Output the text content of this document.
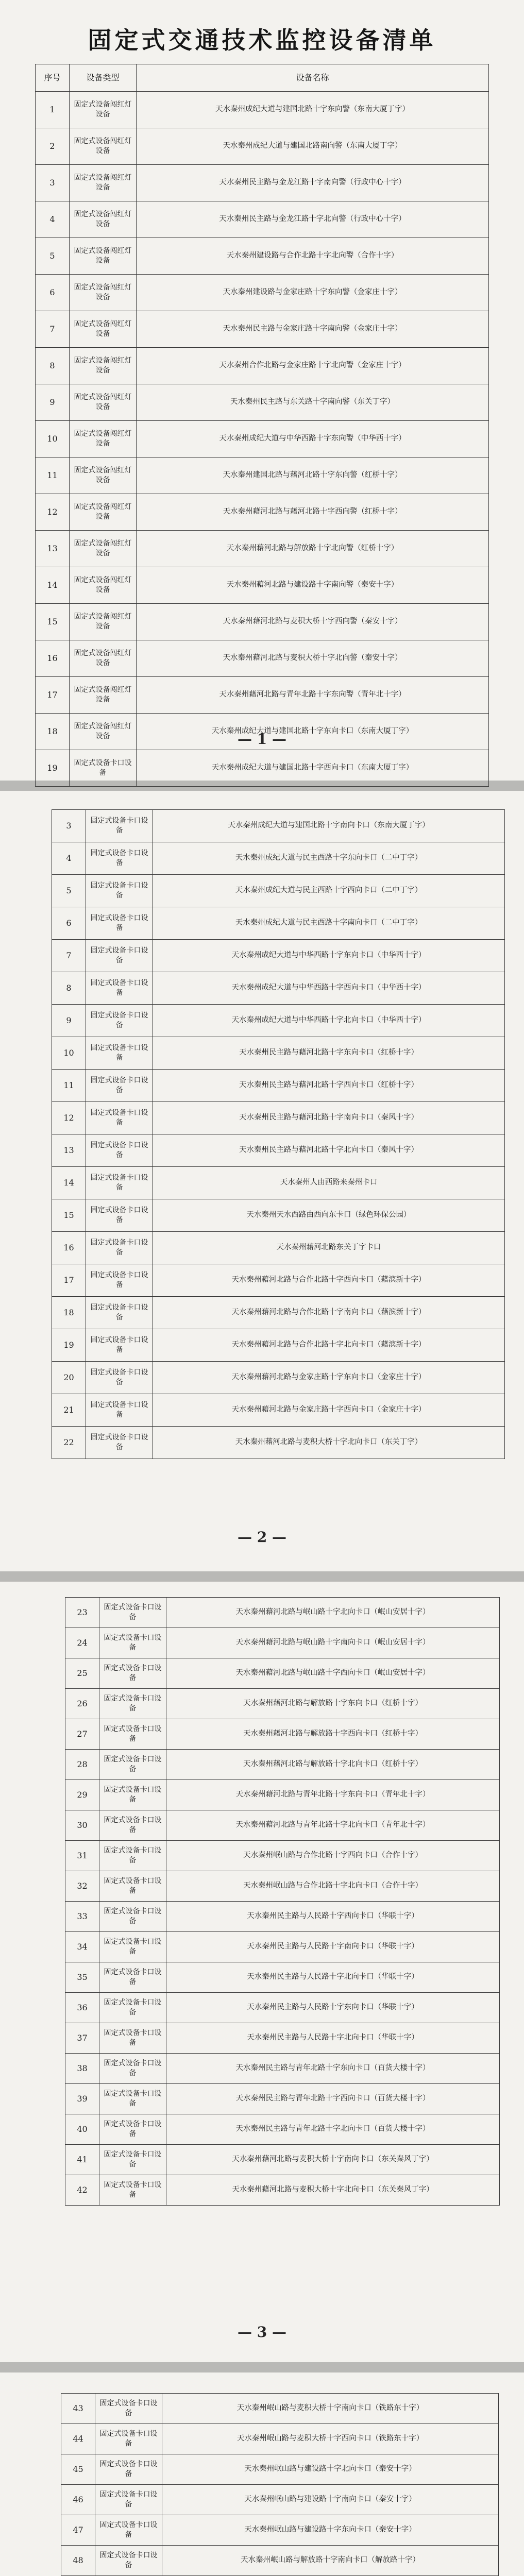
固定式交通技术监控设备清单
序号	设备类型	设备名称
1	固定式设备闯红灯设备	天水秦州成纪大道与建国北路十字东向警（东南大厦丁字）
2	固定式设备闯红灯设备	天水秦州成纪大道与建国北路南向警（东南大厦丁字）
3	固定式设备闯红灯设备	天水秦州民主路与金龙江路十字南向警（行政中心十字）
4	固定式设备闯红灯设备	天水秦州民主路与金龙江路十字北向警（行政中心十字）
5	固定式设备闯红灯设备	天水秦州建设路与合作北路十字北向警（合作十字）
6	固定式设备闯红灯设备	天水秦州建设路与金家庄路十字东向警（金家庄十字）
7	固定式设备闯红灯设备	天水秦州民主路与金家庄路十字南向警（金家庄十字）
8	固定式设备闯红灯设备	天水秦州合作北路与金家庄路十字北向警（金家庄十字）
9	固定式设备闯红灯设备	天水秦州民主路与东关路十字南向警（东关丁字）
10	固定式设备闯红灯设备	天水秦州成纪大道与中华西路十字东向警（中华西十字）
11	固定式设备闯红灯设备	天水秦州建国北路与藉河北路十字东向警（红桥十字）
12	固定式设备闯红灯设备	天水秦州藉河北路与藉河北路十字西向警（红桥十字）
13	固定式设备闯红灯设备	天水秦州藉河北路与解放路十字北向警（红桥十字）
14	固定式设备闯红灯设备	天水秦州藉河北路与建设路十字南向警（秦安十字）
15	固定式设备闯红灯设备	天水秦州藉河北路与麦积大桥十字西向警（秦安十字）
16	固定式设备闯红灯设备	天水秦州藉河北路与麦积大桥十字北向警（秦安十字）
17	固定式设备闯红灯设备	天水秦州藉河北路与青年北路十字东向警（青年北十字）
18	固定式设备闯红灯设备	天水秦州成纪大道与建国北路十字东向卡口（东南大厦丁字）
19	固定式设备卡口设备	天水秦州成纪大道与建国北路十字西向卡口（东南大厦丁字）
— 1 —
3	固定式设备卡口设备	天水秦州成纪大道与建国北路十字南向卡口（东南大厦丁字）
4	固定式设备卡口设备	天水秦州成纪大道与民主西路十字东向卡口（二中丁字）
5	固定式设备卡口设备	天水秦州成纪大道与民主西路十字西向卡口（二中丁字）
6	固定式设备卡口设备	天水秦州成纪大道与民主西路十字南向卡口（二中丁字）
7	固定式设备卡口设备	天水秦州成纪大道与中华西路十字东向卡口（中华西十字）
8	固定式设备卡口设备	天水秦州成纪大道与中华西路十字西向卡口（中华西十字）
9	固定式设备卡口设备	天水秦州成纪大道与中华西路十字北向卡口（中华西十字）
10	固定式设备卡口设备	天水秦州民主路与藉河北路十字东向卡口（红桥十字）
11	固定式设备卡口设备	天水秦州民主路与藉河北路十字西向卡口（红桥十字）
12	固定式设备卡口设备	天水秦州民主路与藉河北路十字南向卡口（秦风十字）
13	固定式设备卡口设备	天水秦州民主路与藉河北路十字北向卡口（秦风十字）
14	固定式设备卡口设备	天水秦州人由西路来秦州卡口
15	固定式设备卡口设备	天水秦州天水西路由西向东卡口（绿色环保公园）
16	固定式设备卡口设备	天水秦州藉河北路东关丁字卡口
17	固定式设备卡口设备	天水秦州藉河北路与合作北路十字西向卡口（藉滨新十字）
18	固定式设备卡口设备	天水秦州藉河北路与合作北路十字南向卡口（藉滨新十字）
19	固定式设备卡口设备	天水秦州藉河北路与合作北路十字北向卡口（藉滨新十字）
20	固定式设备卡口设备	天水秦州藉河北路与金家庄路十字东向卡口（金家庄十字）
21	固定式设备卡口设备	天水秦州藉河北路与金家庄路十字西向卡口（金家庄十字）
22	固定式设备卡口设备	天水秦州藉河北路与麦积大桥十字北向卡口（东关丁字）
— 2 —
23	固定式设备卡口设备	天水秦州藉河北路与岷山路十字北向卡口（岷山安居十字）
24	固定式设备卡口设备	天水秦州藉河北路与岷山路十字南向卡口（岷山安居十字）
25	固定式设备卡口设备	天水秦州藉河北路与岷山路十字西向卡口（岷山安居十字）
26	固定式设备卡口设备	天水秦州藉河北路与解放路十字东向卡口（红桥十字）
27	固定式设备卡口设备	天水秦州藉河北路与解放路十字西向卡口（红桥十字）
28	固定式设备卡口设备	天水秦州藉河北路与解放路十字北向卡口（红桥十字）
29	固定式设备卡口设备	天水秦州藉河北路与青年北路十字东向卡口（青年北十字）
30	固定式设备卡口设备	天水秦州藉河北路与青年北路十字北向卡口（青年北十字）
31	固定式设备卡口设备	天水秦州岷山路与合作北路十字西向卡口（合作十字）
32	固定式设备卡口设备	天水秦州岷山路与合作北路十字北向卡口（合作十字）
33	固定式设备卡口设备	天水秦州民主路与人民路十字西向卡口（华联十字）
34	固定式设备卡口设备	天水秦州民主路与人民路十字南向卡口（华联十字）
35	固定式设备卡口设备	天水秦州民主路与人民路十字北向卡口（华联十字）
36	固定式设备卡口设备	天水秦州民主路与人民路十字东向卡口（华联十字）
37	固定式设备卡口设备	天水秦州民主路与人民路十字北向卡口（华联十字）
38	固定式设备卡口设备	天水秦州民主路与青年北路十字东向卡口（百货大楼十字）
39	固定式设备卡口设备	天水秦州民主路与青年北路十字西向卡口（百货大楼十字）
40	固定式设备卡口设备	天水秦州民主路与青年北路十字北向卡口（百货大楼十字）
41	固定式设备卡口设备	天水秦州藉河北路与麦积大桥十字南向卡口（东关秦风丁字）
42	固定式设备卡口设备	天水秦州藉河北路与麦积大桥十字北向卡口（东关秦风丁字）
— 3 —
43	固定式设备卡口设备	天水秦州岷山路与麦积大桥十字南向卡口（铁路东十字）
44	固定式设备卡口设备	天水秦州岷山路与麦积大桥十字西向卡口（铁路东十字）
45	固定式设备卡口设备	天水秦州岷山路与建设路十字北向卡口（秦安十字）
46	固定式设备卡口设备	天水秦州岷山路与建设路十字南向卡口（秦安十字）
47	固定式设备卡口设备	天水秦州岷山路与建设路十字东向卡口（秦安十字）
48	固定式设备卡口设备	天水秦州岷山路与解放路十字南向卡口（解放路十字）
